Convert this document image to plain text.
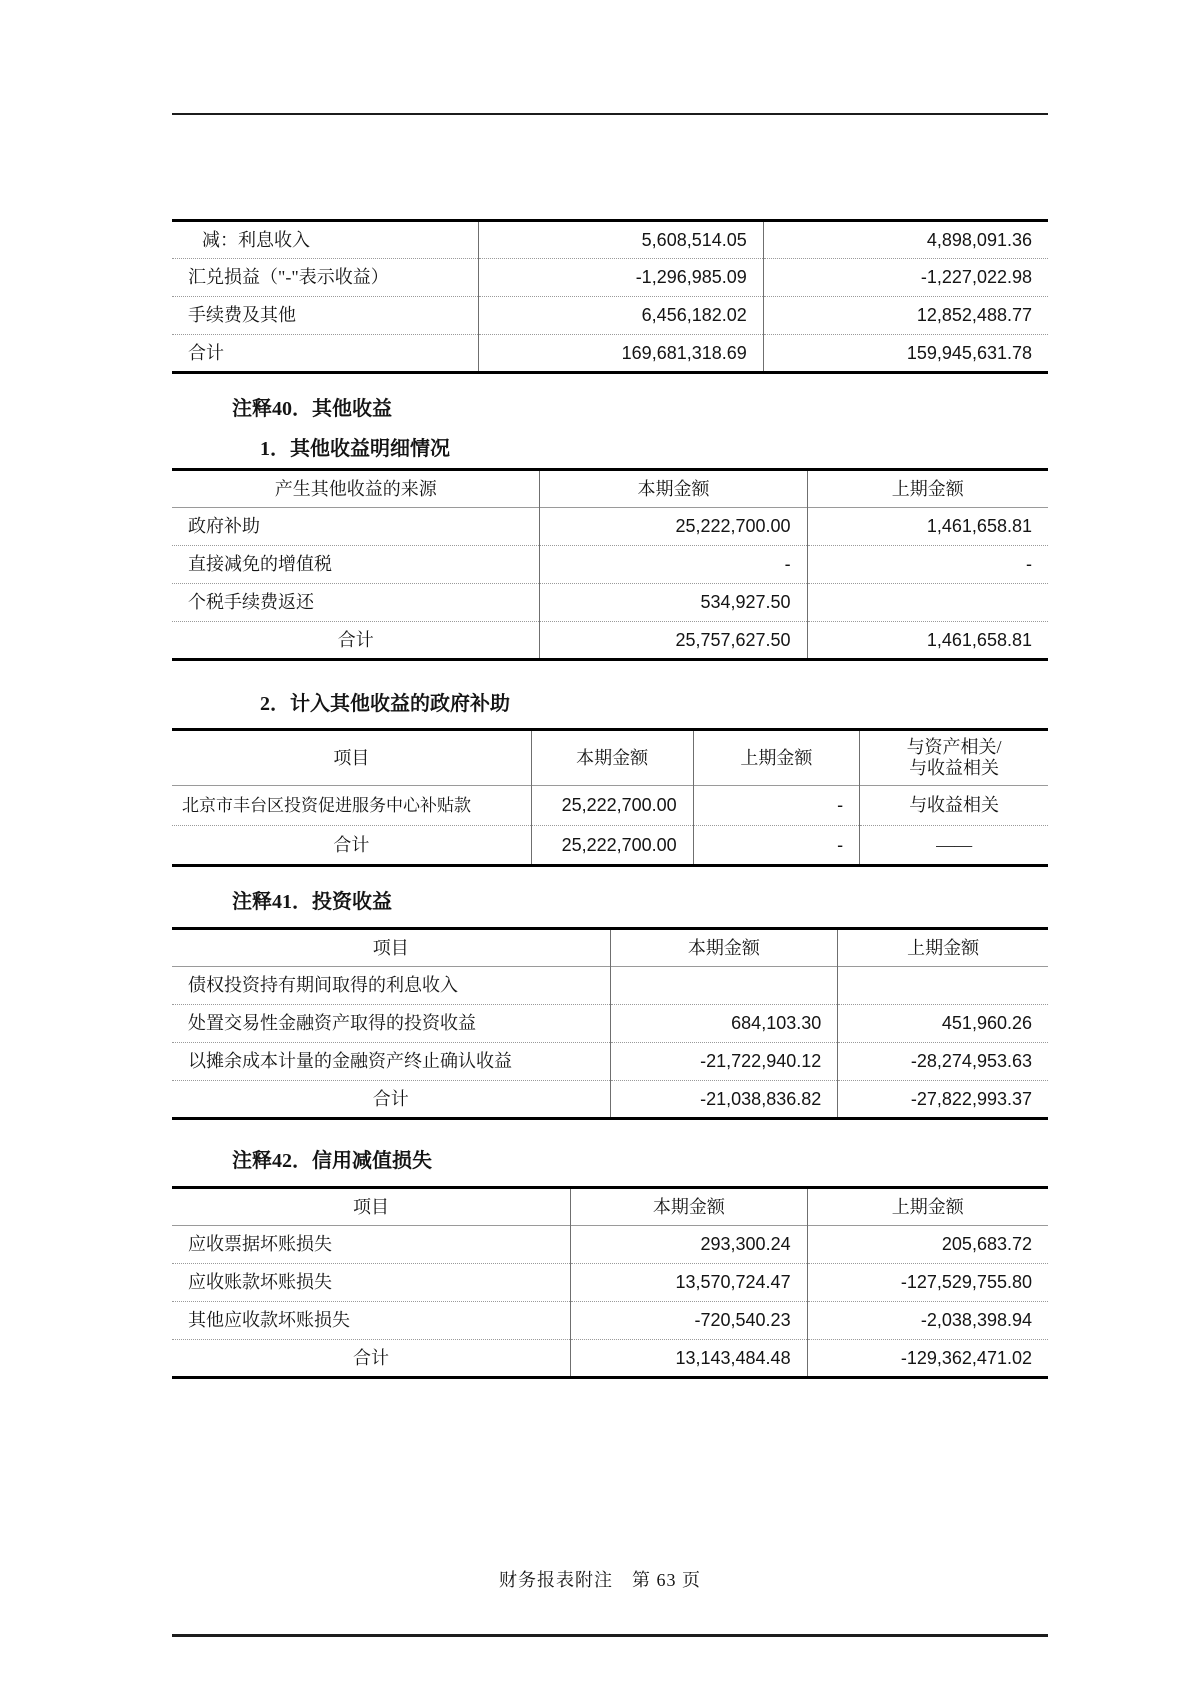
减：利息收入	5,608,514.05	4,898,091.36
汇兑损益（"-"表示收益）	-1,296,985.09	-1,227,022.98
手续费及其他	6,456,182.02	12,852,488.77
合计	169,681,318.69	159,945,631.78

注释40．其他收益

1．其他收益明细情况

产生其他收益的来源	本期金额	上期金额
政府补助	25,222,700.00	1,461,658.81
直接减免的增值税	-	-
个税手续费返还	534,927.50	
合计	25,757,627.50	1,461,658.81

2．计入其他收益的政府补助

项目	本期金额	上期金额	与资产相关/
与收益相关
北京市丰台区投资促进服务中心补贴款	25,222,700.00	-	与收益相关
合计	25,222,700.00	-	——

注释41．投资收益

项目	本期金额	上期金额
债权投资持有期间取得的利息收入		
处置交易性金融资产取得的投资收益	684,103.30	451,960.26
以摊余成本计量的金融资产终止确认收益	-21,722,940.12	-28,274,953.63
合计	-21,038,836.82	-27,822,993.37

注释42．信用减值损失

项目	本期金额	上期金额
应收票据坏账损失	293,300.24	205,683.72
应收账款坏账损失	13,570,724.47	-127,529,755.80
其他应收款坏账损失	-720,540.23	-2,038,398.94
合计	13,143,484.48	-129,362,471.02
财务报表附注　第 63 页
